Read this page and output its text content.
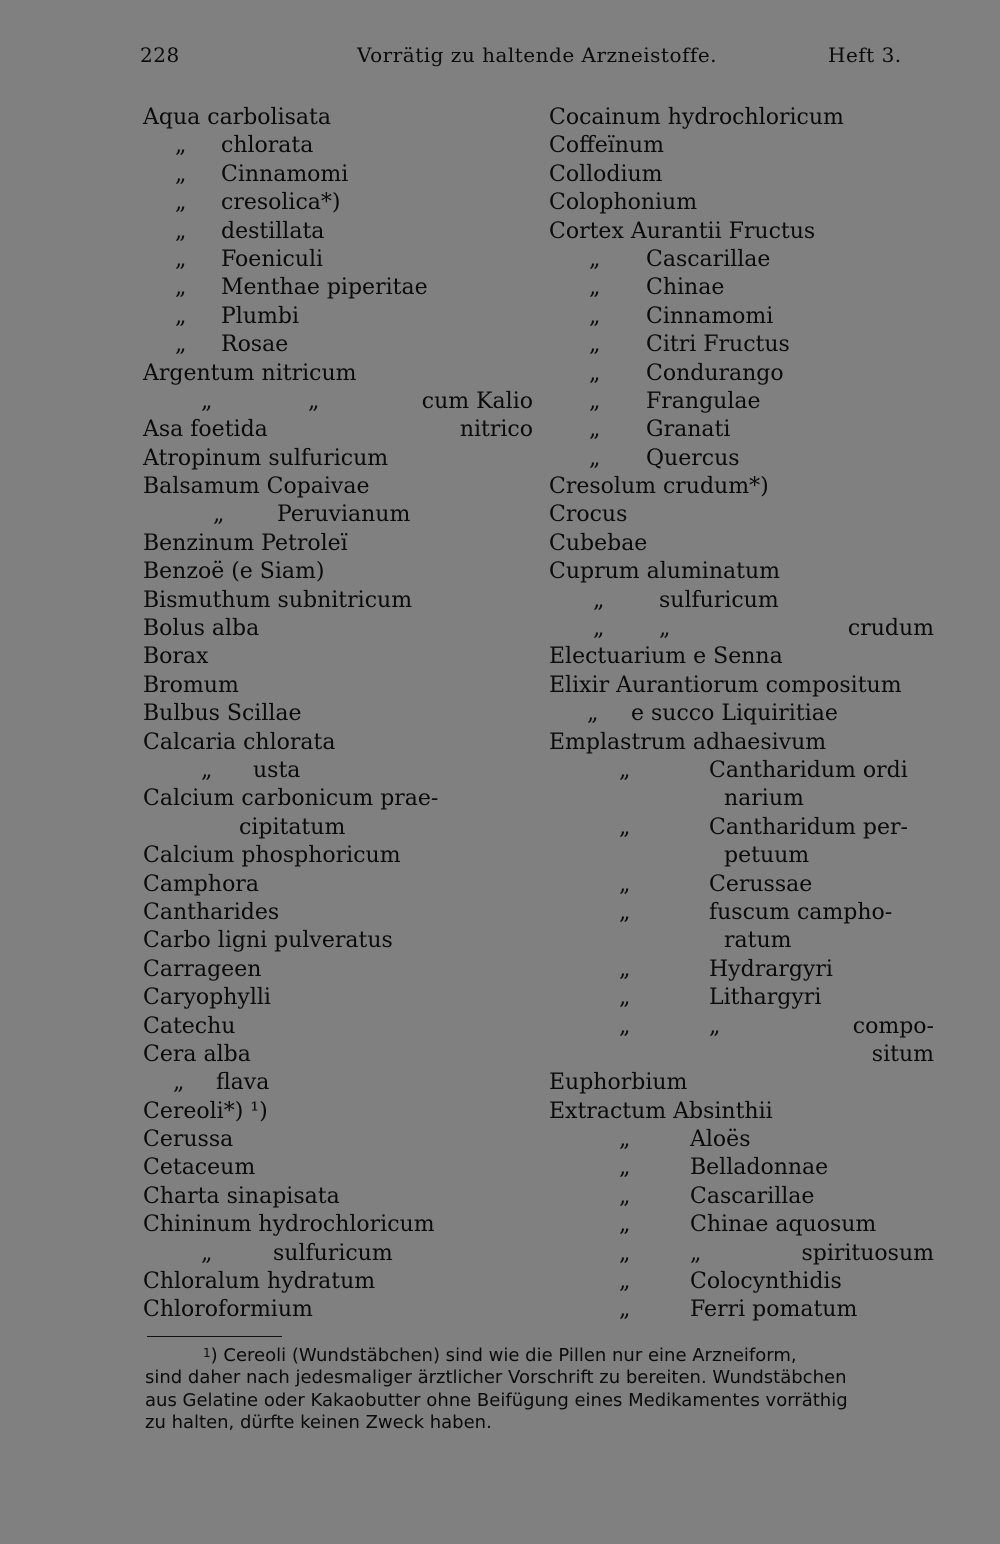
228	Vorrätig zu haltende Arzneistoffe.	Heft 3.
Aqua carbolisata
„ chlorata
„ Cinnamomi
„ cresolica*)
„ destillata
„ Foeniculi
„ Menthae piperitae
„ Plumbi
„ Rosae
Argentum nitricum
„	„	cum Kalio
Asa foetida	nitrico
Atropinum sulfuricum
Balsamum Copaivae
„ Peruvianum
Benzinum Petroleï
Benzoë (e Siam)
Bismuthum subnitricum
Bolus alba
Borax
Bromum
Bulbus Scillae
Calcaria chlorata
„ usta
Calcium carbonicum prae-
cipitatum
Calcium phosphoricum
Camphora
Cantharides
Carbo ligni pulveratus
Carrageen
Caryophylli
Catechu
Cera alba
„ flava
Cereoli*) ¹)
Cerussa
Cetaceum
Charta sinapisata
Chininum hydrochloricum
„	sulfuricum
Chloralum hydratum
Chloroformium
Cocainum hydrochloricum
Coffeïnum
Collodium
Colophonium
Cortex Aurantii Fructus
„ Cascarillae
„ Chinae
„ Cinnamomi
„ Citri Fructus
„ Condurango
„ Frangulae
„ Granati
„ Quercus
Cresolum crudum*)
Crocus
Cubebae
Cuprum aluminatum
„ sulfuricum
„ „	crudum
Electuarium e Senna
Elixir Aurantiorum compositum
„ e succo Liquiritiae
Emplastrum adhaesivum
„	Cantharidum ordi
narium
„	Cantharidum per-
petuum
„	Cerussae
„	fuscum campho-
ratum
„	Hydrargyri
„	Lithargyri
„	„	compo-
situm
Euphorbium
Extractum Absinthii
„	Aloës
„	Belladonnae
„	Cascarillae
„	Chinae aquosum
„	„	spirituosum
„	Colocynthidis
„	Ferri pomatum
$^1$) Cereoli (Wundstäbchen) sind wie die Pillen nur eine Arzneiform,
sind daher nach jedesmaliger ärztlicher Vorschrift zu bereiten. Wundstäbchen
aus Gelatine oder Kakaobutter ohne Beifügung eines Medikamentes vorräthig
zu halten, dürfte keinen Zweck haben.
